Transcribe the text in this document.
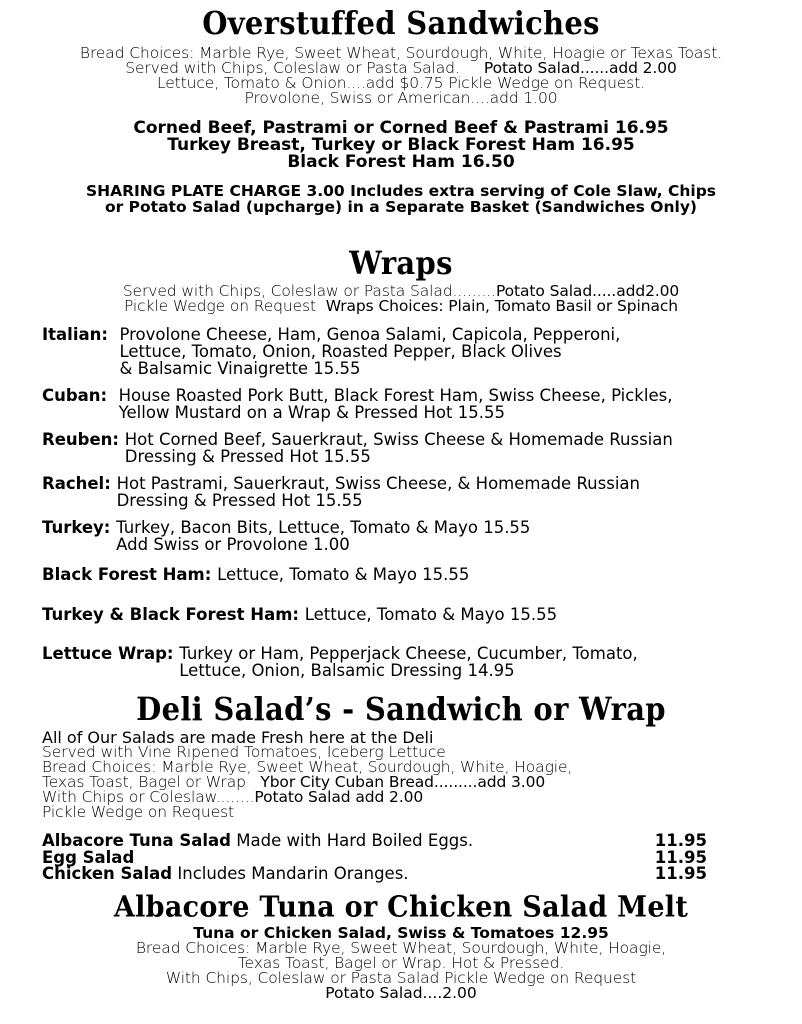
Overstuffed Sandwiches
Bread Choices: Marble Rye, Sweet Wheat, Sourdough, White, Hoagie or Texas Toast.
Served with Chips, Coleslaw or Pasta Salad. Potato Salad......add 2.00
Lettuce, Tomato & Onion....add $0.75 Pickle Wedge on Request.
Provolone, Swiss or American....add 1.00
Corned Beef, Pastrami or Corned Beef & Pastrami 16.95
Turkey Breast, Turkey or Black Forest Ham 16.95
Black Forest Ham 16.50
SHARING PLATE CHARGE 3.00 Includes extra serving of Cole Slaw, Chips
or Potato Salad (upcharge) in a Separate Basket (Sandwiches Only)
Wraps
Served with Chips, Coleslaw or Pasta Salad.........Potato Salad.....add2.00
Pickle Wedge on Request Wraps Choices: Plain, Tomato Basil or Spinach
Italian: Provolone Cheese, Ham, Genoa Salami, Capicola, Pepperoni,
Lettuce, Tomato, Onion, Roasted Pepper, Black Olives
& Balsamic Vinaigrette 15.55
Cuban: House Roasted Pork Butt, Black Forest Ham, Swiss Cheese, Pickles,
Yellow Mustard on a Wrap & Pressed Hot 15.55
Reuben: Hot Corned Beef, Sauerkraut, Swiss Cheese & Homemade Russian
Dressing & Pressed Hot 15.55
Rachel: Hot Pastrami, Sauerkraut, Swiss Cheese, & Homemade Russian
Dressing & Pressed Hot 15.55
Turkey: Turkey, Bacon Bits, Lettuce, Tomato & Mayo 15.55
Add Swiss or Provolone 1.00
Black Forest Ham: Lettuce, Tomato & Mayo 15.55
Turkey & Black Forest Ham: Lettuce, Tomato & Mayo 15.55
Lettuce Wrap: Turkey or Ham, Pepperjack Cheese, Cucumber, Tomato,
Lettuce, Onion, Balsamic Dressing 14.95
Deli Salad’s - Sandwich or Wrap
All of Our Salads are made Fresh here at the Deli
Served with Vine Ripened Tomatoes, Iceberg Lettuce
Bread Choices: Marble Rye, Sweet Wheat, Sourdough, White, Hoagie,
Texas Toast, Bagel or Wrap Ybor City Cuban Bread.........add 3.00
With Chips or Coleslaw........Potato Salad add 2.00
Pickle Wedge on Request
Albacore Tuna Salad Made with Hard Boiled Eggs.	11.95
Egg Salad	11.95
Chicken Salad Includes Mandarin Oranges.	11.95
Albacore Tuna or Chicken Salad Melt
Tuna or Chicken Salad, Swiss & Tomatoes 12.95
Bread Choices: Marble Rye, Sweet Wheat, Sourdough, White, Hoagie,
Texas Toast, Bagel or Wrap. Hot & Pressed.
With Chips, Coleslaw or Pasta Salad Pickle Wedge on Request
Potato Salad....2.00
